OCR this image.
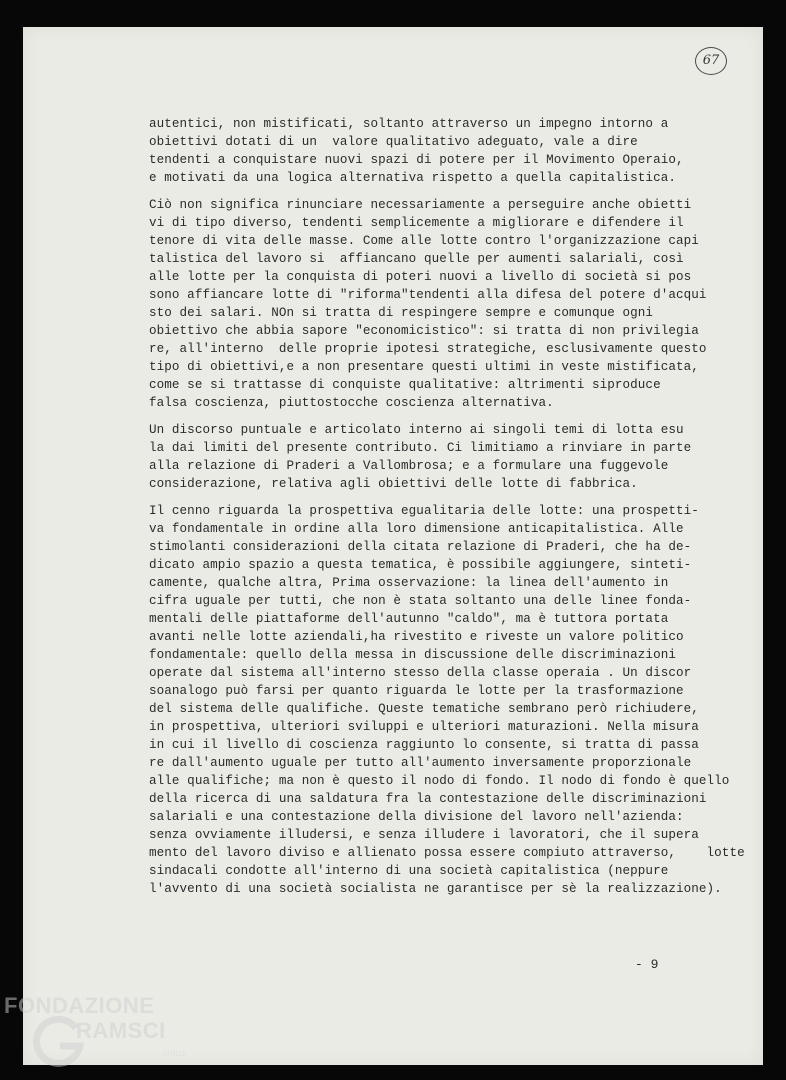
67
autentici, non mistificati, soltanto attraverso un impegno intorno a
obiettivi dotati di un  valore qualitativo adeguato, vale a dire
tendenti a conquistare nuovi spazi di potere per il Movimento Operaio,
e motivati da una logica alternativa rispetto a quella capitalistica.
Ciò non significa rinunciare necessariamente a perseguire anche obietti
vi di tipo diverso, tendenti semplicemente a migliorare e difendere il
tenore di vita delle masse. Come alle lotte contro l'organizzazione capi
talistica del lavoro si  affiancano quelle per aumenti salariali, così
alle lotte per la conquista di poteri nuovi a livello di società si pos
sono affiancare lotte di "riforma"tendenti alla difesa del potere d'acqui
sto dei salari. NOn si tratta di respingere sempre e comunque ogni
obiettivo che abbia sapore "economicistico": si tratta di non privilegia
re, all'interno  delle proprie ipotesi strategiche, esclusivamente questo
tipo di obiettivi,e a non presentare questi ultimi in veste mistificata,
come se si trattasse di conquiste qualitative: altrimenti siproduce
falsa coscienza, piuttostocche coscienza alternativa.
Un discorso puntuale e articolato interno ai singoli temi di lotta esu
la dai limiti del presente contributo. Ci limitiamo a rinviare in parte
alla relazione di Praderi a Vallombrosa; e a formulare una fuggevole
considerazione, relativa agli obiettivi delle lotte di fabbrica.
Il cenno riguarda la prospettiva egualitaria delle lotte: una prospetti-
va fondamentale in ordine alla loro dimensione anticapitalistica. Alle
stimolanti considerazioni della citata relazione di Praderi, che ha de-
dicato ampio spazio a questa tematica, è possibile aggiungere, sinteti-
camente, qualche altra, Prima osservazione: la linea dell'aumento in
cifra uguale per tutti, che non è stata soltanto una delle linee fonda-
mentali delle piattaforme dell'autunno "caldo", ma è tuttora portata
avanti nelle lotte aziendali,ha rivestito e riveste un valore politico
fondamentale: quello della messa in discussione delle discriminazioni
operate dal sistema all'interno stesso della classe operaia . Un discor
soanalogo può farsi per quanto riguarda le lotte per la trasformazione
del sistema delle qualifiche. Queste tematiche sembrano però richiudere,
in prospettiva, ulteriori sviluppi e ulteriori maturazioni. Nella misura
in cui il livello di coscienza raggiunto lo consente, si tratta di passa
re dall'aumento uguale per tutto all'aumento inversamente proporzionale
alle qualifiche; ma non è questo il nodo di fondo. Il nodo di fondo è quello
della ricerca di una saldatura fra la contestazione delle discriminazioni
salariali e una contestazione della divisione del lavoro nell'azienda:
senza ovviamente illudersi, e senza illudere i lavoratori, che il supera
mento del lavoro diviso e allienato possa essere compiuto attraverso,    lotte
sindacali condotte all'interno di una società capitalistica (neppure
l'avvento di una società socialista ne garantisce per sè la realizzazione).
- 9
FONDAZIONE
RAMSCI
onlus
